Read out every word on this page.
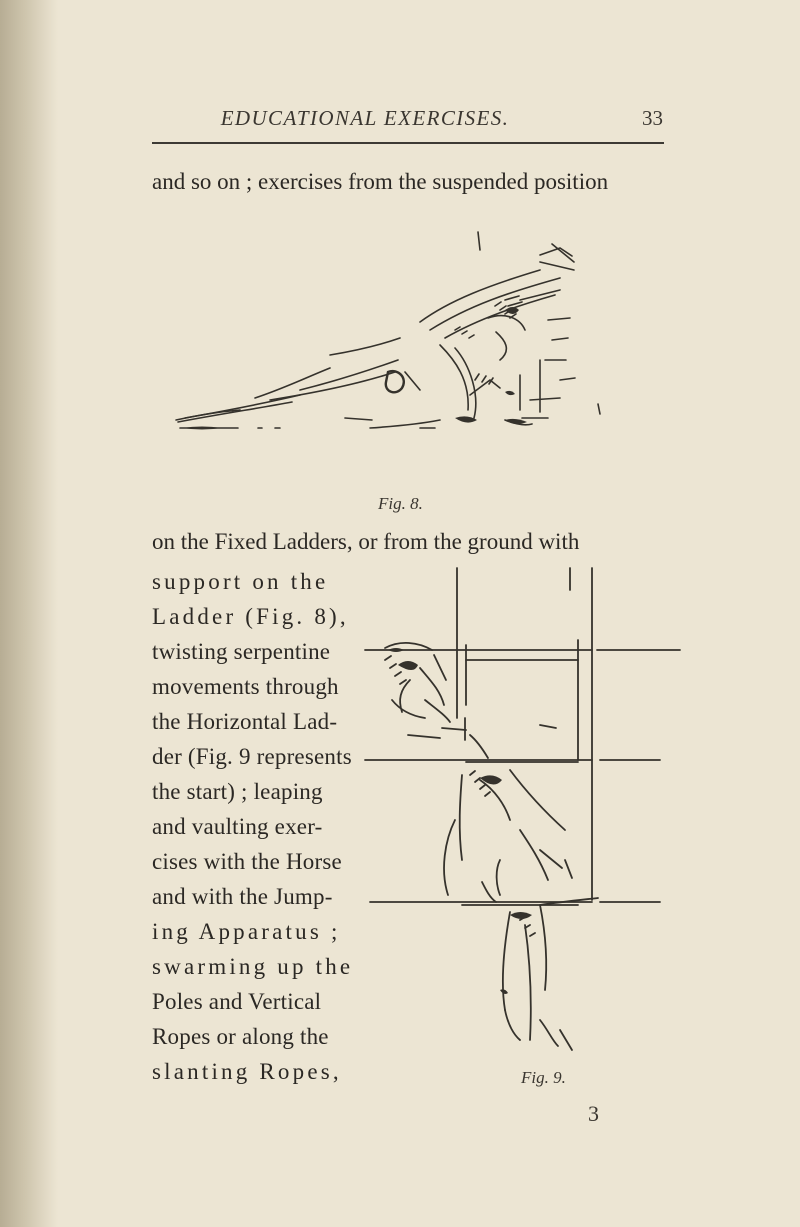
EDUCATIONAL EXERCISES.	33
and so on ; exercises from the suspended position
Fig. 8.
on the Fixed Ladders, or from the ground with
support on the
Ladder (Fig. 8),
twisting serpentine
movements through
the Horizontal Lad-
der (Fig. 9 represents
the start) ; leaping
and vaulting exer-
cises with the Horse
and with the Jump-
ing Apparatus ;
swarming up the
Poles and Vertical
Ropes or along the
slanting Ropes,	Fig. 9.
3
